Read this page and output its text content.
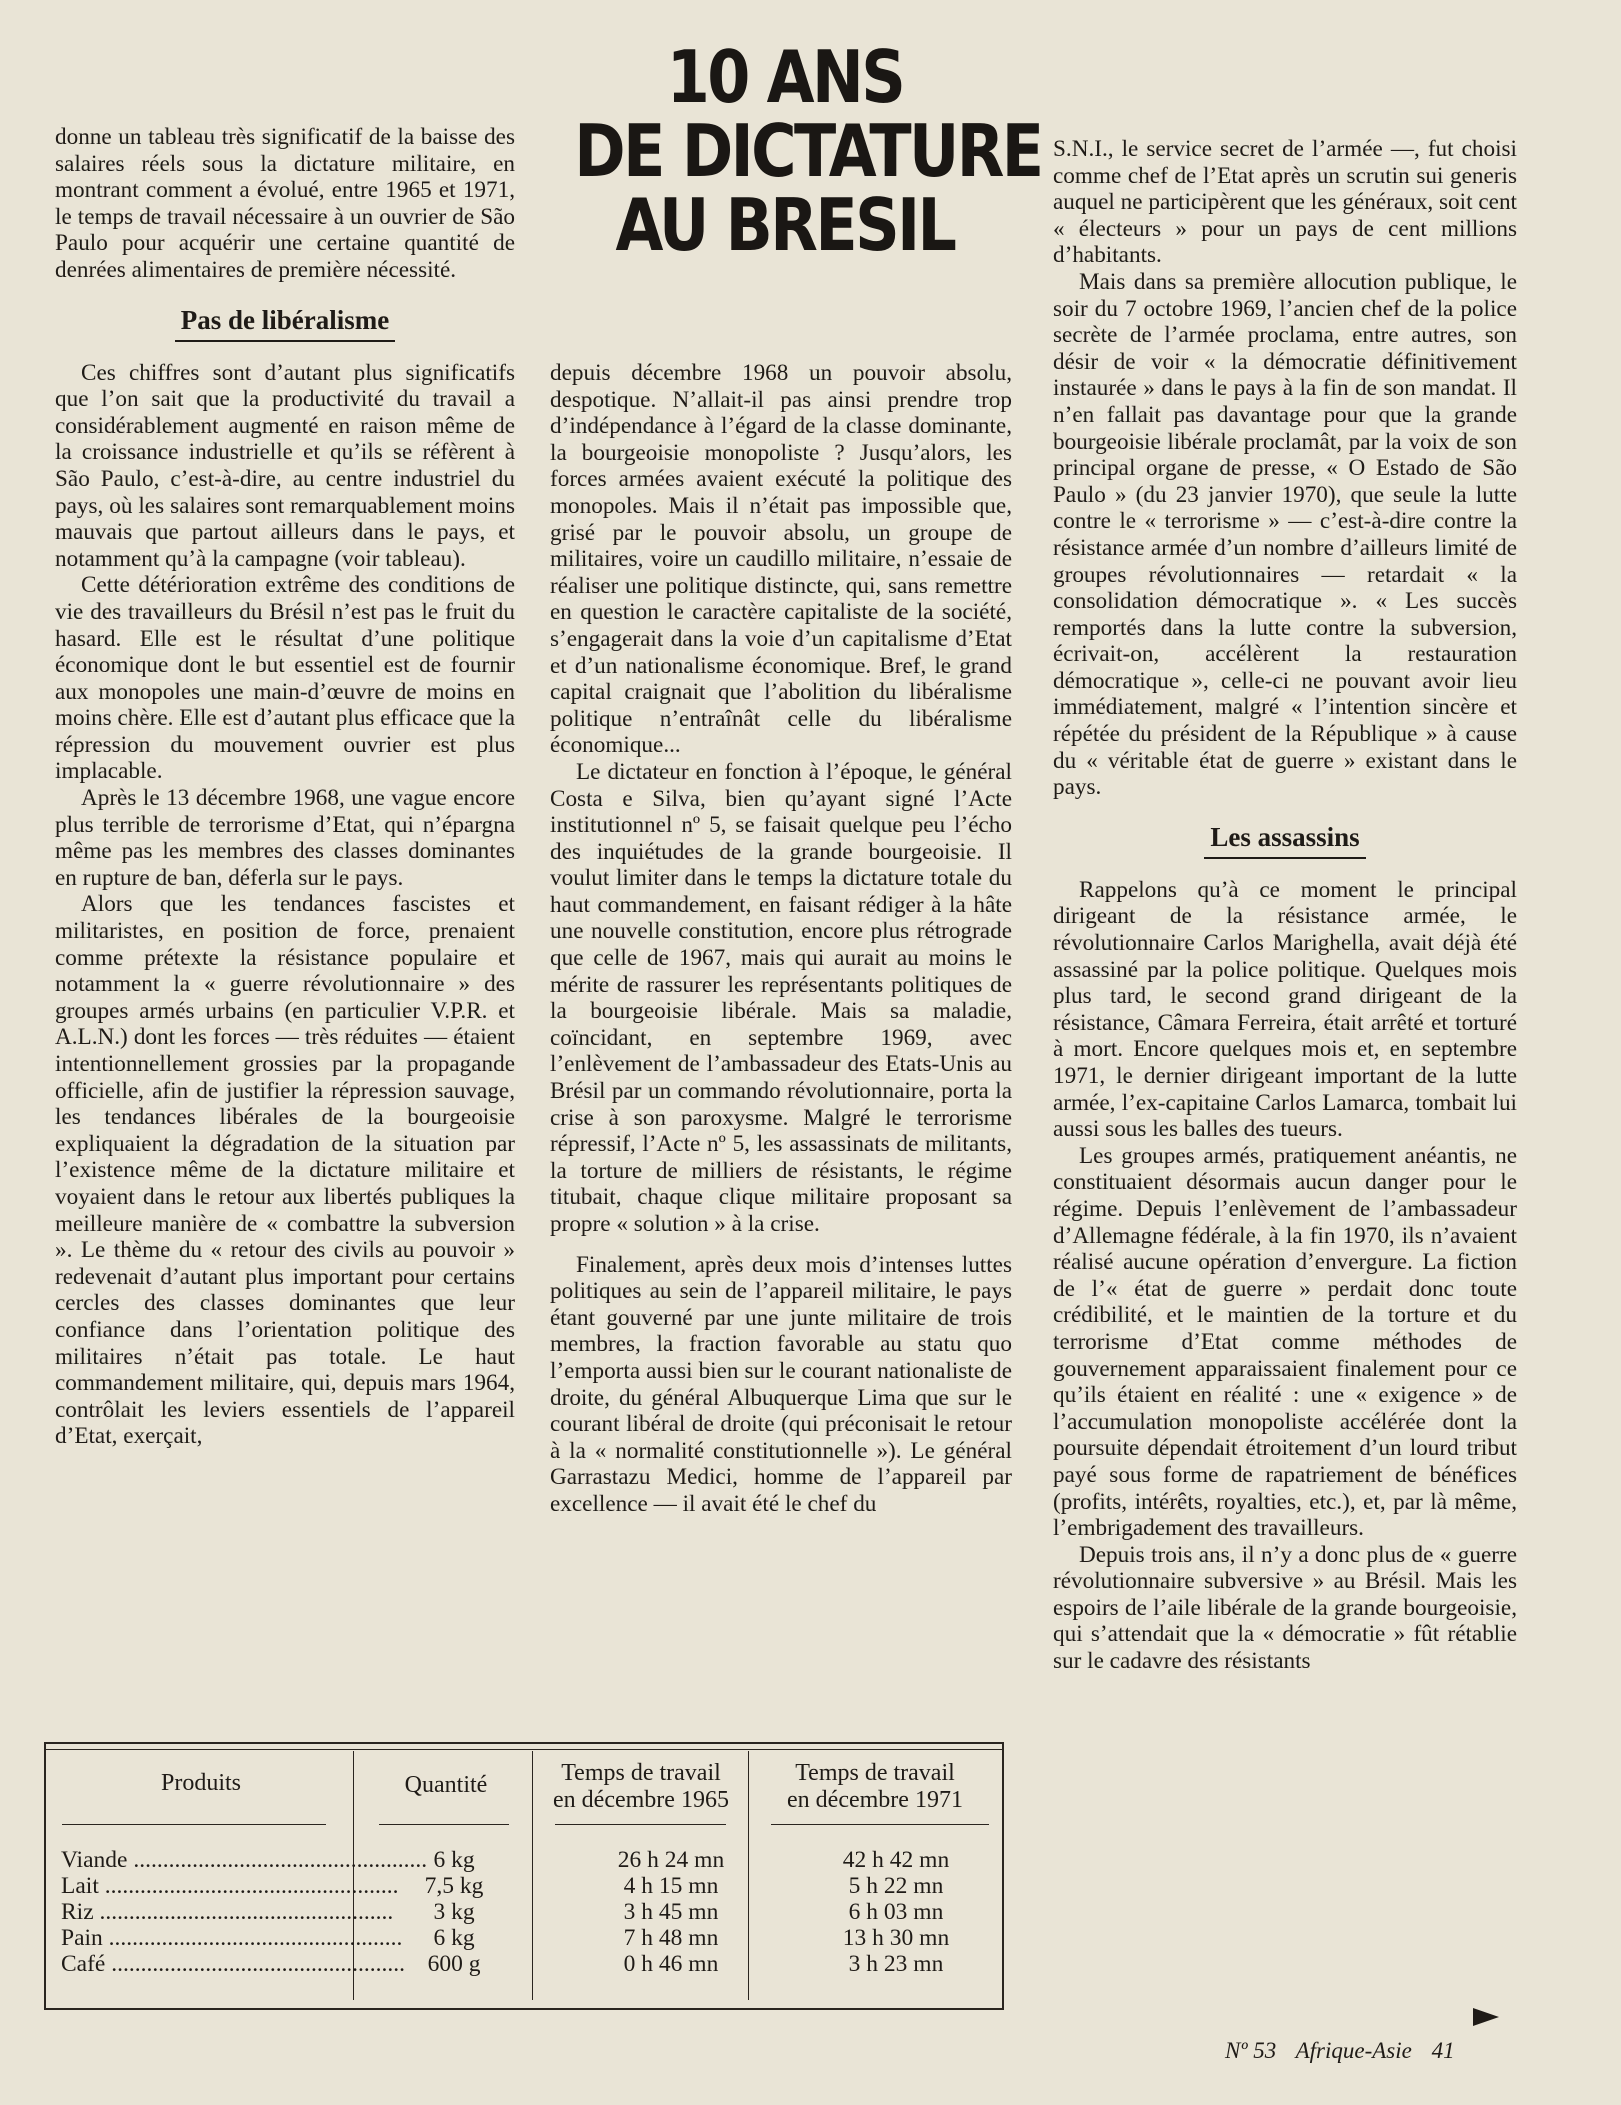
10 ANS
DE DICTATURE
AU BRESIL

donne un tableau très significatif de la baisse des salaires réels sous la dictature militaire, en montrant comment a évolué, entre 1965 et 1971, le temps de travail nécessaire à un ouvrier de São Paulo pour acquérir une certaine quantité de denrées alimentaires de première nécessité.

Pas de libéralisme

Ces chiffres sont d’autant plus significatifs que l’on sait que la productivité du travail a considérablement augmenté en raison même de la croissance industrielle et qu’ils se réfèrent à São Paulo, c’est-à-dire, au centre industriel du pays, où les salaires sont remarquablement moins mauvais que partout ailleurs dans le pays, et notamment qu’à la campagne (voir tableau).

Cette détérioration extrême des conditions de vie des travailleurs du Brésil n’est pas le fruit du hasard. Elle est le résultat d’une politique économique dont le but essentiel est de fournir aux monopoles une main-d’œuvre de moins en moins chère. Elle est d’autant plus efficace que la répression du mouvement ouvrier est plus implacable.

Après le 13 décembre 1968, une vague encore plus terrible de terrorisme d’Etat, qui n’épargna même pas les membres des classes dominantes en rupture de ban, déferla sur le pays.

Alors que les tendances fascistes et militaristes, en position de force, prenaient comme prétexte la résistance populaire et notamment la « guerre révolutionnaire » des groupes armés urbains (en particulier V.P.R. et A.L.N.) dont les forces — très réduites — étaient intentionnellement grossies par la propagande officielle, afin de justifier la répression sauvage, les tendances libérales de la bourgeoisie expliquaient la dégradation de la situation par l’existence même de la dictature militaire et voyaient dans le retour aux libertés publiques la meilleure manière de « combattre la subversion ». Le thème du « retour des civils au pouvoir » redevenait d’autant plus important pour certains cercles des classes dominantes que leur confiance dans l’orientation politique des militaires n’était pas totale. Le haut commandement militaire, qui, depuis mars 1964, contrôlait les leviers essentiels de l’appareil d’Etat, exerçait,

depuis décembre 1968 un pouvoir absolu, despotique. N’allait-il pas ainsi prendre trop d’indépendance à l’égard de la classe dominante, la bourgeoisie monopoliste ? Jusqu’alors, les forces armées avaient exécuté la politique des monopoles. Mais il n’était pas impossible que, grisé par le pouvoir absolu, un groupe de militaires, voire un caudillo militaire, n’essaie de réaliser une politique distincte, qui, sans remettre en question le caractère capitaliste de la société, s’engagerait dans la voie d’un capitalisme d’Etat et d’un nationalisme économique. Bref, le grand capital craignait que l’abolition du libéralisme politique n’entraînât celle du libéralisme économique...

Le dictateur en fonction à l’époque, le général Costa e Silva, bien qu’ayant signé l’Acte institutionnel nº 5, se faisait quelque peu l’écho des inquiétudes de la grande bourgeoisie. Il voulut limiter dans le temps la dictature totale du haut commandement, en faisant rédiger à la hâte une nouvelle constitution, encore plus rétrograde que celle de 1967, mais qui aurait au moins le mérite de rassurer les représentants politiques de la bourgeoisie libérale. Mais sa maladie, coïncidant, en septembre 1969, avec l’enlèvement de l’ambassadeur des Etats-Unis au Brésil par un commando révolutionnaire, porta la crise à son paroxysme. Malgré le terrorisme répressif, l’Acte nº 5, les assassinats de militants, la torture de milliers de résistants, le régime titubait, chaque clique militaire proposant sa propre « solution » à la crise.

Finalement, après deux mois d’intenses luttes politiques au sein de l’appareil militaire, le pays étant gouverné par une junte militaire de trois membres, la fraction favorable au statu quo l’emporta aussi bien sur le courant nationaliste de droite, du général Albuquerque Lima que sur le courant libéral de droite (qui préconisait le retour à la « normalité constitutionnelle »). Le général Garrastazu Medici, homme de l’appareil par excellence — il avait été le chef du

S.N.I., le service secret de l’armée —, fut choisi comme chef de l’Etat après un scrutin sui generis auquel ne participèrent que les généraux, soit cent « électeurs » pour un pays de cent millions d’habitants.

Mais dans sa première allocution publique, le soir du 7 octobre 1969, l’ancien chef de la police secrète de l’armée proclama, entre autres, son désir de voir « la démocratie définitivement instaurée » dans le pays à la fin de son mandat. Il n’en fallait pas davantage pour que la grande bourgeoisie libérale proclamât, par la voix de son principal organe de presse, « O Estado de São Paulo » (du 23 janvier 1970), que seule la lutte contre le « terrorisme » — c’est-à-dire contre la résistance armée d’un nombre d’ailleurs limité de groupes révolutionnaires — retardait « la consolidation démocratique ». « Les succès remportés dans la lutte contre la subversion, écrivait-on, accélèrent la restauration démocratique », celle-ci ne pouvant avoir lieu immédiatement, malgré « l’intention sincère et répétée du président de la République » à cause du « véritable état de guerre » existant dans le pays.

Les assassins

Rappelons qu’à ce moment le principal dirigeant de la résistance armée, le révolutionnaire Carlos Marighella, avait déjà été assassiné par la police politique. Quelques mois plus tard, le second grand dirigeant de la résistance, Câmara Ferreira, était arrêté et torturé à mort. Encore quelques mois et, en septembre 1971, le dernier dirigeant important de la lutte armée, l’ex-capitaine Carlos Lamarca, tombait lui aussi sous les balles des tueurs.

Les groupes armés, pratiquement anéantis, ne constituaient désormais aucun danger pour le régime. Depuis l’enlèvement de l’ambassadeur d’Allemagne fédérale, à la fin 1970, ils n’avaient réalisé aucune opération d’envergure. La fiction de l’« état de guerre » perdait donc toute crédibilité, et le maintien de la torture et du terrorisme d’Etat comme méthodes de gouvernement apparaissaient finalement pour ce qu’ils étaient en réalité : une « exigence » de l’accumulation monopoliste accélérée dont la poursuite dépendait étroitement d’un lourd tribut payé sous forme de rapatriement de bénéfices (profits, intérêts, royalties, etc.), et, par là même, l’embrigadement des travailleurs.

Depuis trois ans, il n’y a donc plus de « guerre révolutionnaire subversive » au Brésil. Mais les espoirs de l’aile libérale de la grande bourgeoisie, qui s’attendait que la « démocratie » fût rétablie sur le cadavre des résistants

Produits	Quantité	Temps de travail
en décembre 1965
Temps de travail
en décembre 1971
Viande .................................................. 6 kg	26 h 24 mn	42 h 42 mn
Lait ..................................................	7,5 kg	4 h 15 mn	5 h 22 mn
Riz ..................................................	3 kg	3 h 45 mn	6 h 03 mn
Pain ..................................................	6 kg	7 h 48 mn	13 h 30 mn
Café .................................................. 600 g	0 h 46 mn	3 h 23 mn
Nº 53 Afrique-Asie 41
